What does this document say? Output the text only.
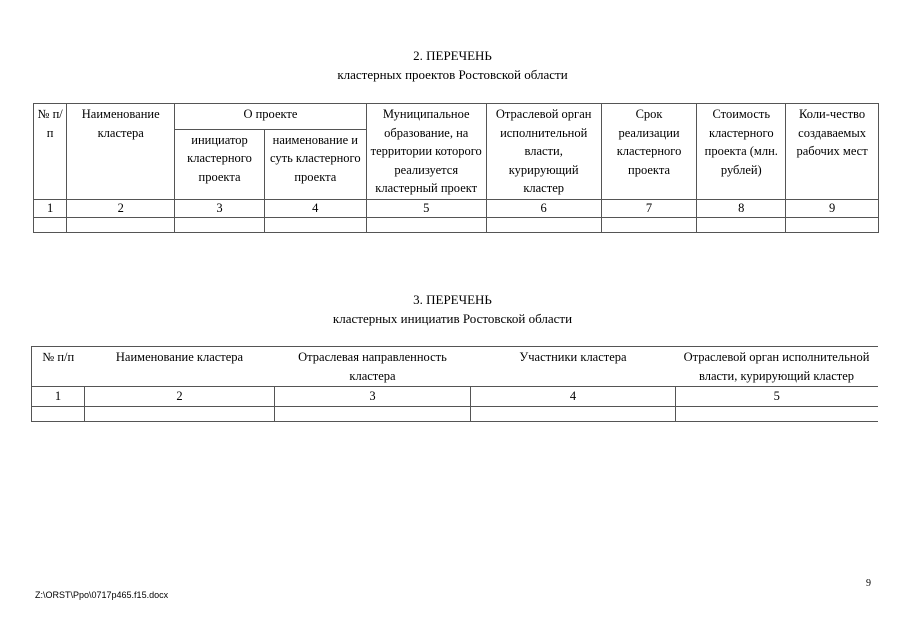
2. ПЕРЕЧЕНЬ
кластерных проектов Ростовской области
№ п/п	Наименование кластера	О проекте		Муниципальное образование, на территории которого реализуется кластерный проект	Отраслевой орган исполнительной власти, курирующий кластер	Срок реализации кластерного проекта	Стоимость кластерного проекта (млн. рублей)	Коли-чество создаваемых рабочих мест
		инициатор кластерного проекта	наименование и суть кластерного проекта					
1	2	3	4	5	6	7	8	9

3. ПЕРЕЧЕНЬ
кластерных инициатив Ростовской области
№ п/п	Наименование кластера	Отраслевая направленность кластера	Участники кластера	Отраслевой орган исполнительной власти, курирующий кластер
1	2	3	4	5

9
Z:\ORST\Ppo\0717p465.f15.docx
